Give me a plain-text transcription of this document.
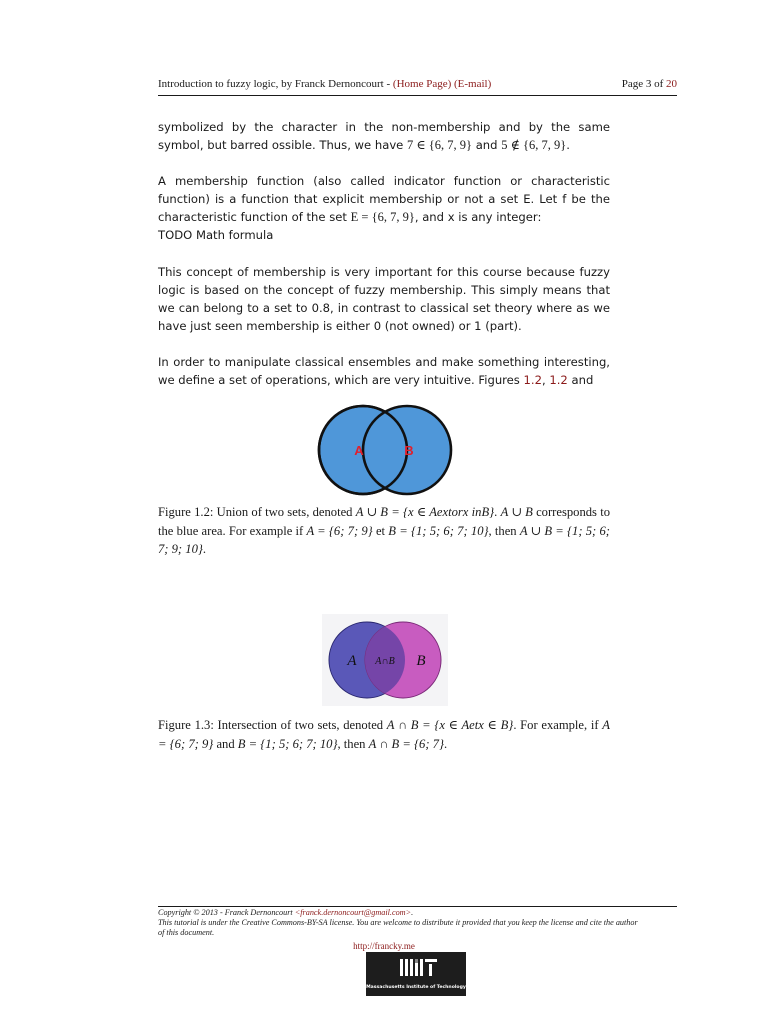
Introduction to fuzzy logic, by Franck Dernoncourt - (Home Page) (E-mail)	Page 3 of 20

symbolized by the character in the non-membership and by the same symbol, but barred ossible. Thus, we have 7 ∈ {6, 7, 9} and 5 ∉ {6, 7, 9}.

A membership function (also called indicator function or characteristic function) is a function that explicit membership or not a set E. Let f be the characteristic function of the set E = {6, 7, 9}, and x is any integer:

TODO Math formula

This concept of membership is very important for this course because fuzzy logic is based on the concept of fuzzy membership. This simply means that we can belong to a set to 0.8, in contrast to classical set theory where as we have just seen membership is either 0 (not owned) or 1 (part).

In order to manipulate classical ensembles and make something interesting, we define a set of operations, which are very intuitive. Figures 1.2, 1.2 and

A	B

Figure 1.2: Union of two sets, denoted A ∪ B = {x ∈ Aextorx inB}. A ∪ B corresponds to the blue area. For example if A = {6; 7; 9} et B = {1; 5; 6; 7; 10}, then A ∪ B = {1; 5; 6; 7; 9; 10}.

A	B
A∩B

Figure 1.3: Intersection of two sets, denoted A ∩ B = {x ∈ Aetx ∈ B}. For example, if A = {6; 7; 9} and B = {1; 5; 6; 7; 10}, then A ∩ B = {6; 7}.

Copyright © 2013 - Franck Dernoncourt <franck.dernoncourt@gmail.com>.

This tutorial is under the Creative Commons-BY-SA license. You are welcome to distribute it provided that you keep the license and cite the author of this document.

http://francky.me
Massachusetts Institute of Technology
